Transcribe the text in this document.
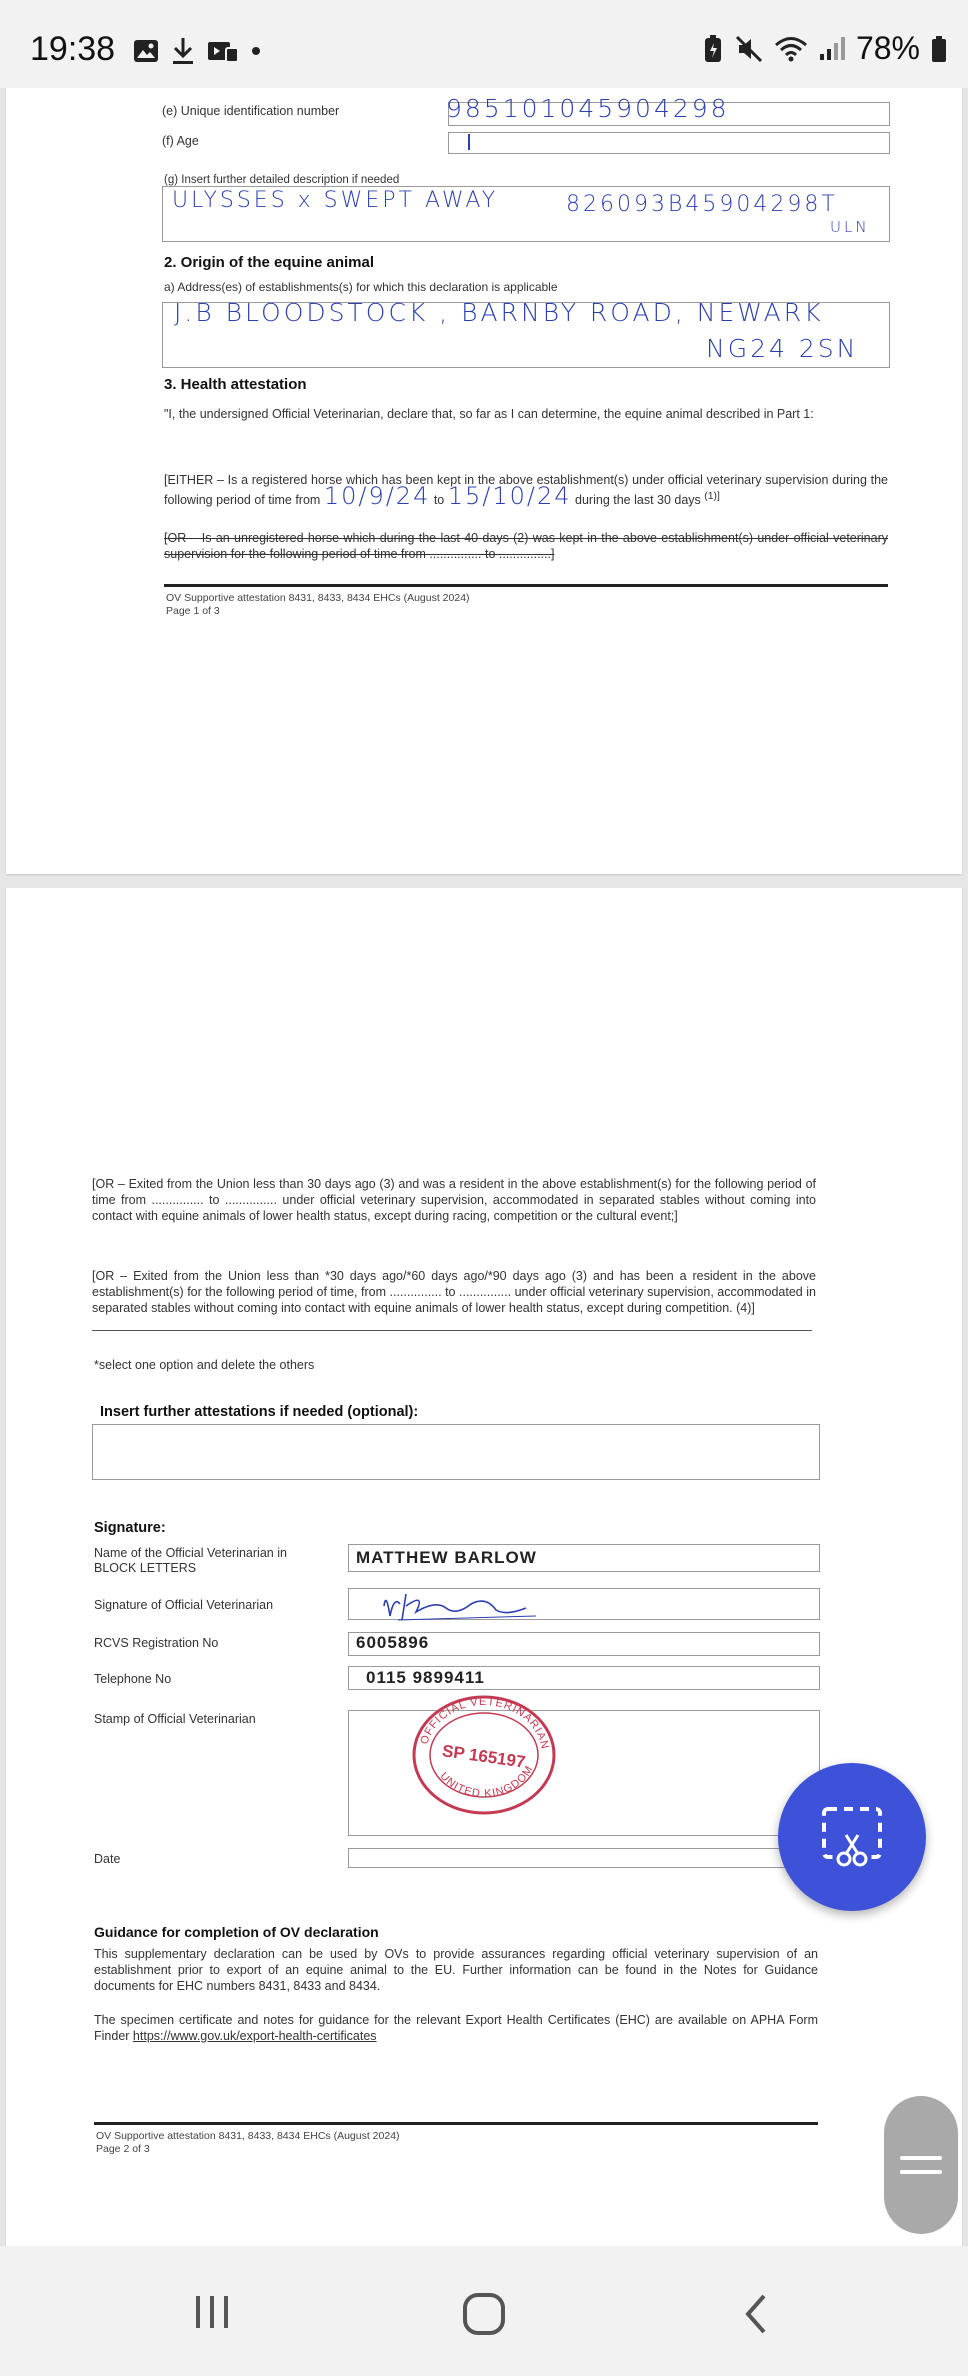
19:38	78%
(e) Unique identification number	985101045904298
(f) Age
(g) Insert further detailed description if needed
ULYSSES x SWEPT AWAY	826093B45904298T
ULN
2. Origin of the equine animal
a) Address(es) of establishments(s) for which this declaration is applicable
J.B BLOODSTOCK , BARNBY ROAD, NEWARK
NG24 2SN
3. Health attestation
"I, the undersigned Official Veterinarian, declare that, so far as I can determine, the equine animal described in Part 1:
[EITHER – Is a registered horse which has been kept in the above establishment(s) under official veterinary supervision during the following period of time from 10/9/24 to 15/10/24 during the last 30 days $^{(1)]}$
[OR – Is an unregistered horse which during the last 40 days (2) was kept in the above establishment(s) under official veterinary supervision for the following period of time from ............... to ...............]
OV Supportive attestation 8431, 8433, 8434 EHCs (August 2024)
Page 1 of 3
[OR – Exited from the Union less than 30 days ago (3) and was a resident in the above establishment(s) for the following period of time from ............... to ............... under official veterinary supervision, accommodated in separated stables without coming into contact with equine animals of lower health status, except during racing, competition or the cultural event;]
[OR – Exited from the Union less than *30 days ago/*60 days ago/*90 days ago (3) and has been a resident in the above establishment(s) for the following period of time, from ............... to ............... under official veterinary supervision, accommodated in separated stables without coming into contact with equine animals of lower health status, except during competition. (4)]
*select one option and delete the others
Insert further attestations if needed (optional):
Signature:
Name of the Official Veterinarian in BLOCK LETTERS
MATTHEW BARLOW
Signature of Official Veterinarian
RCVS Registration No	6005896
Telephone No	0115 9899411
Stamp of Official Veterinarian
Date
Guidance for completion of OV declaration
This supplementary declaration can be used by OVs to provide assurances regarding official veterinary supervision of an establishment prior to export of an equine animal to the EU. Further information can be found in the Notes for Guidance documents for EHC numbers 8431, 8433 and 8434.
The specimen certificate and notes for guidance for the relevant Export Health Certificates (EHC) are available on APHA Form Finder https://www.gov.uk/export-health-certificates
OV Supportive attestation 8431, 8433, 8434 EHCs (August 2024)
Page 2 of 3
SP 165197
OFFICIAL VETERINARIAN
UNITED KINGDOM
